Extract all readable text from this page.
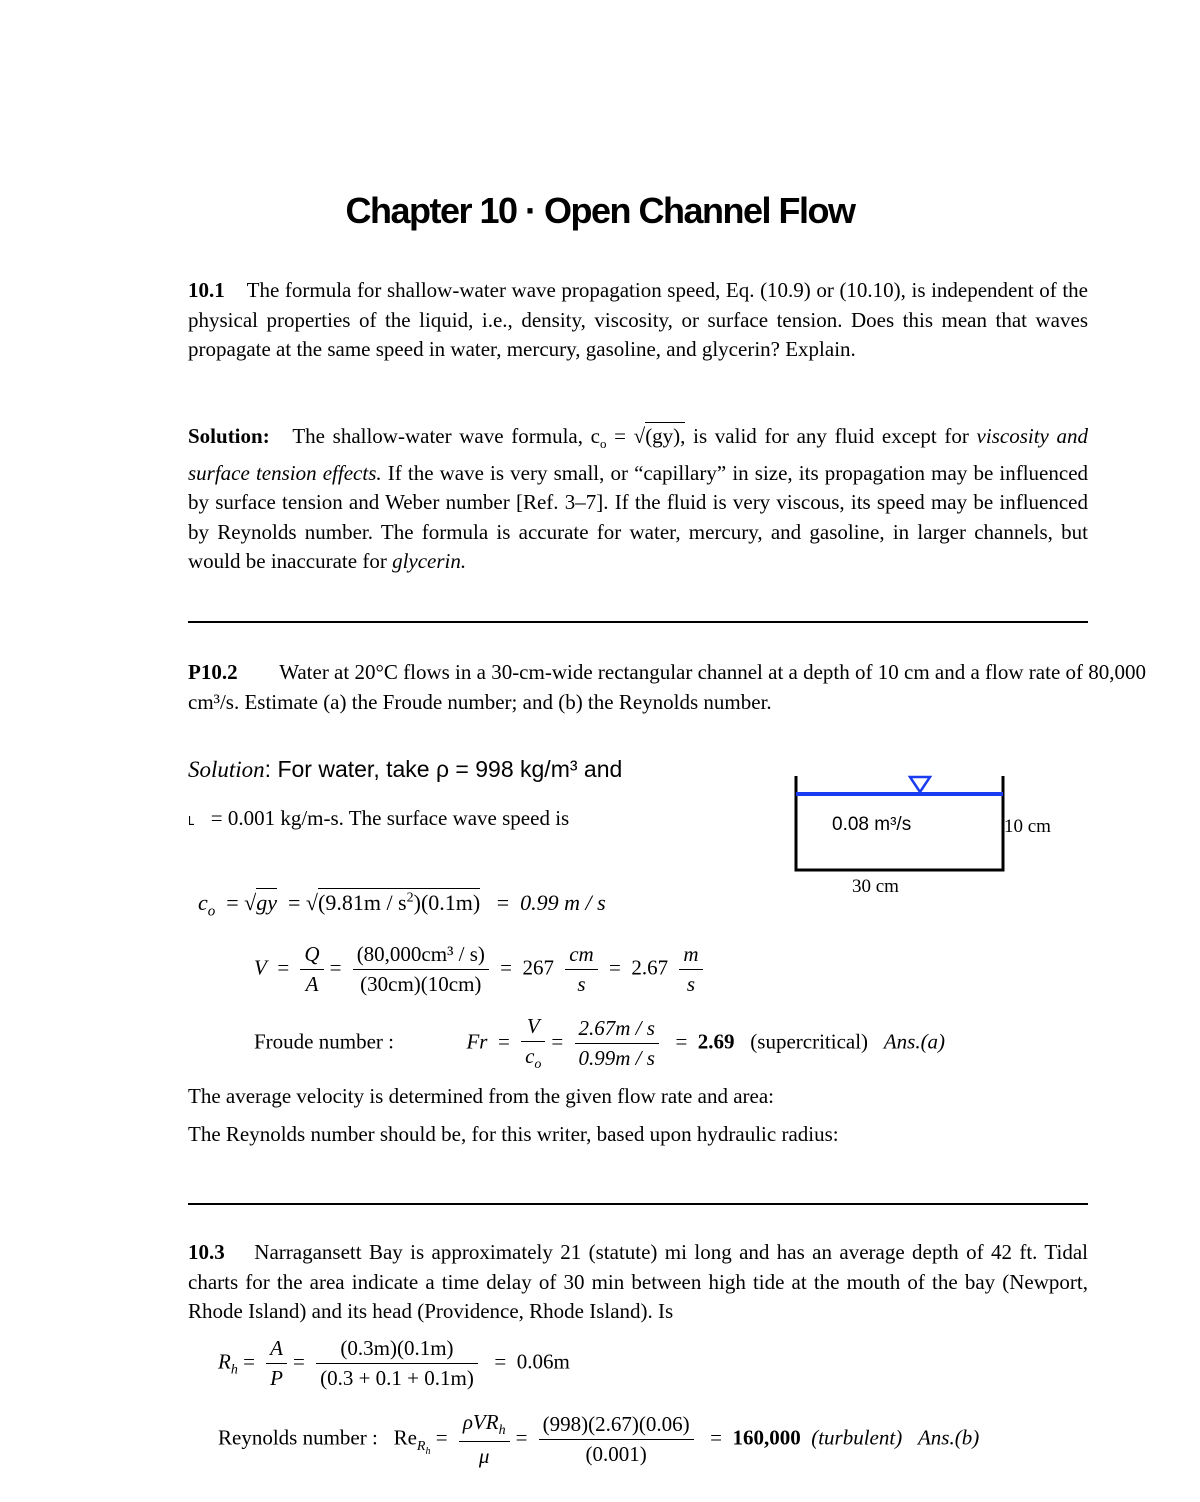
Chapter 10 · Open Channel Flow
10.1 The formula for shallow-water wave propagation speed, Eq. (10.9) or (10.10), is independent of the physical properties of the liquid, i.e., density, viscosity, or surface tension. Does this mean that waves propagate at the same speed in water, mercury, gasoline, and glycerin? Explain.
Solution: The shallow-water wave formula, $c_o = √(gy)$, is valid for any fluid except for viscosity and surface tension effects. If the wave is very small, or “capillary” in size, its propagation may be influenced by surface tension and Weber number [Ref. 3–7]. If the fluid is very viscous, its speed may be influenced by Reynolds number. The formula is accurate for water, mercury, and gasoline, in larger channels, but would be inaccurate for glycerin.
P10.2 Water at 20°C flows in a 30-cm-wide rectangular channel at a depth of 10 cm and a flow rate of 80,000 cm³/s. Estimate (a) the Froude number; and (b) the Reynolds number.
Solution: For water, take ρ = 998 kg/m³ and
˪ = 0.001 kg/m-s. The surface wave speed is	0.08 m³/s	10 cm
30 cm
$c_o = √gy = √(9.81m / s^2)(0.1m) = 0.99$ m / s
$V = \frac{Q}{A} = \frac{\text{(80,000cm³ / s)}}{(30cm)(10cm)} = 267 \frac{cm}{s} = 2.67 \frac{m}{s}$
Froude number :	$Fr = \frac{V}{c_o} = \frac{2.67m / s}{0.99m / s} = 2.69$ (supercritical) Ans.(a)
The average velocity is determined from the given flow rate and area:
The Reynolds number should be, for this writer, based upon hydraulic radius:
10.3 Narragansett Bay is approximately 21 (statute) mi long and has an average depth of 42 ft. Tidal charts for the area indicate a time delay of 30 min between high tide at the mouth of the bay (Newport, Rhode Island) and its head (Providence, Rhode Island). Is
$R_h = \frac{A}{P} = \frac{(0.3m)(0.1m)}{(0.3 + 0.1 + 0.1m)} = 0.06m$
Reynolds number : $Re_{R_h} = \frac{\rho VR_h}{\mu} = \frac{(998)(2.67)(0.06)}{(0.001)} = 160,000$ (turbulent) Ans.(b)
